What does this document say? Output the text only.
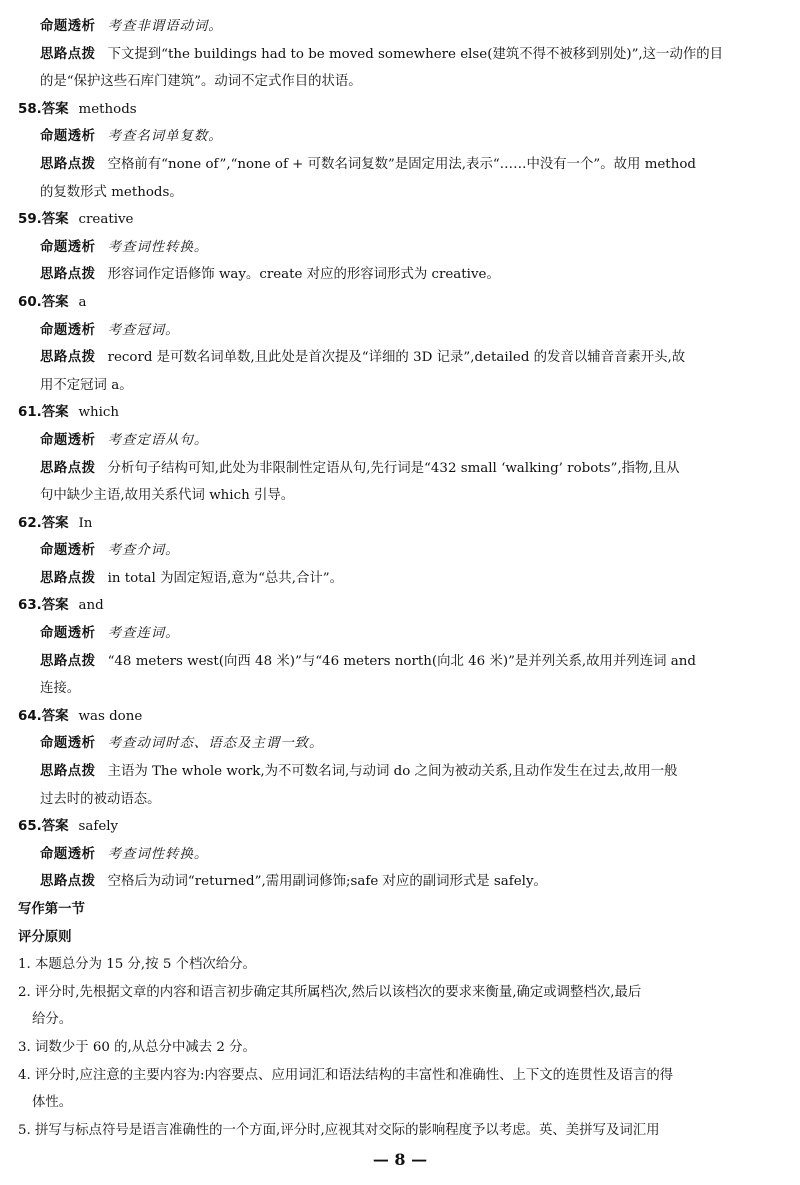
命题透析 考查非谓语动词。
思路点拨 下文提到“the buildings had to be moved somewhere else(建筑不得不被移到别处)”,这一动作的目
的是“保护这些石库门建筑”。动词不定式作目的状语。
58.答案 methods
命题透析 考查名词单复数。
思路点拨 空格前有“none of”,“none of + 可数名词复数”是固定用法,表示“……中没有一个”。故用 method
的复数形式 methods。
59.答案 creative
命题透析 考查词性转换。
思路点拨 形容词作定语修饰 way。create 对应的形容词形式为 creative。
60.答案 a
命题透析 考查冠词。
思路点拨 record 是可数名词单数,且此处是首次提及“详细的 3D 记录”,detailed 的发音以辅音音素开头,故
用不定冠词 a。
61.答案 which
命题透析 考查定语从句。
思路点拨 分析句子结构可知,此处为非限制性定语从句,先行词是“432 small ‘walking’ robots”,指物,且从
句中缺少主语,故用关系代词 which 引导。
62.答案 In
命题透析 考查介词。
思路点拨 in total 为固定短语,意为“总共,合计”。
63.答案 and
命题透析 考查连词。
思路点拨 “48 meters west(向西 48 米)”与“46 meters north(向北 46 米)”是并列关系,故用并列连词 and
连接。
64.答案 was done
命题透析 考查动词时态、语态及主谓一致。
思路点拨 主语为 The whole work,为不可数名词,与动词 do 之间为被动关系,且动作发生在过去,故用一般
过去时的被动语态。
65.答案 safely
命题透析 考查词性转换。
思路点拨 空格后为动词“returned”,需用副词修饰;safe 对应的副词形式是 safely。
写作第一节
评分原则
1. 本题总分为 15 分,按 5 个档次给分。
2. 评分时,先根据文章的内容和语言初步确定其所属档次,然后以该档次的要求来衡量,确定或调整档次,最后
给分。
3. 词数少于 60 的,从总分中减去 2 分。
4. 评分时,应注意的主要内容为:内容要点、应用词汇和语法结构的丰富性和准确性、上下文的连贯性及语言的得
体性。
5. 拼写与标点符号是语言准确性的一个方面,评分时,应视其对交际的影响程度予以考虑。英、美拼写及词汇用
— 8 —
